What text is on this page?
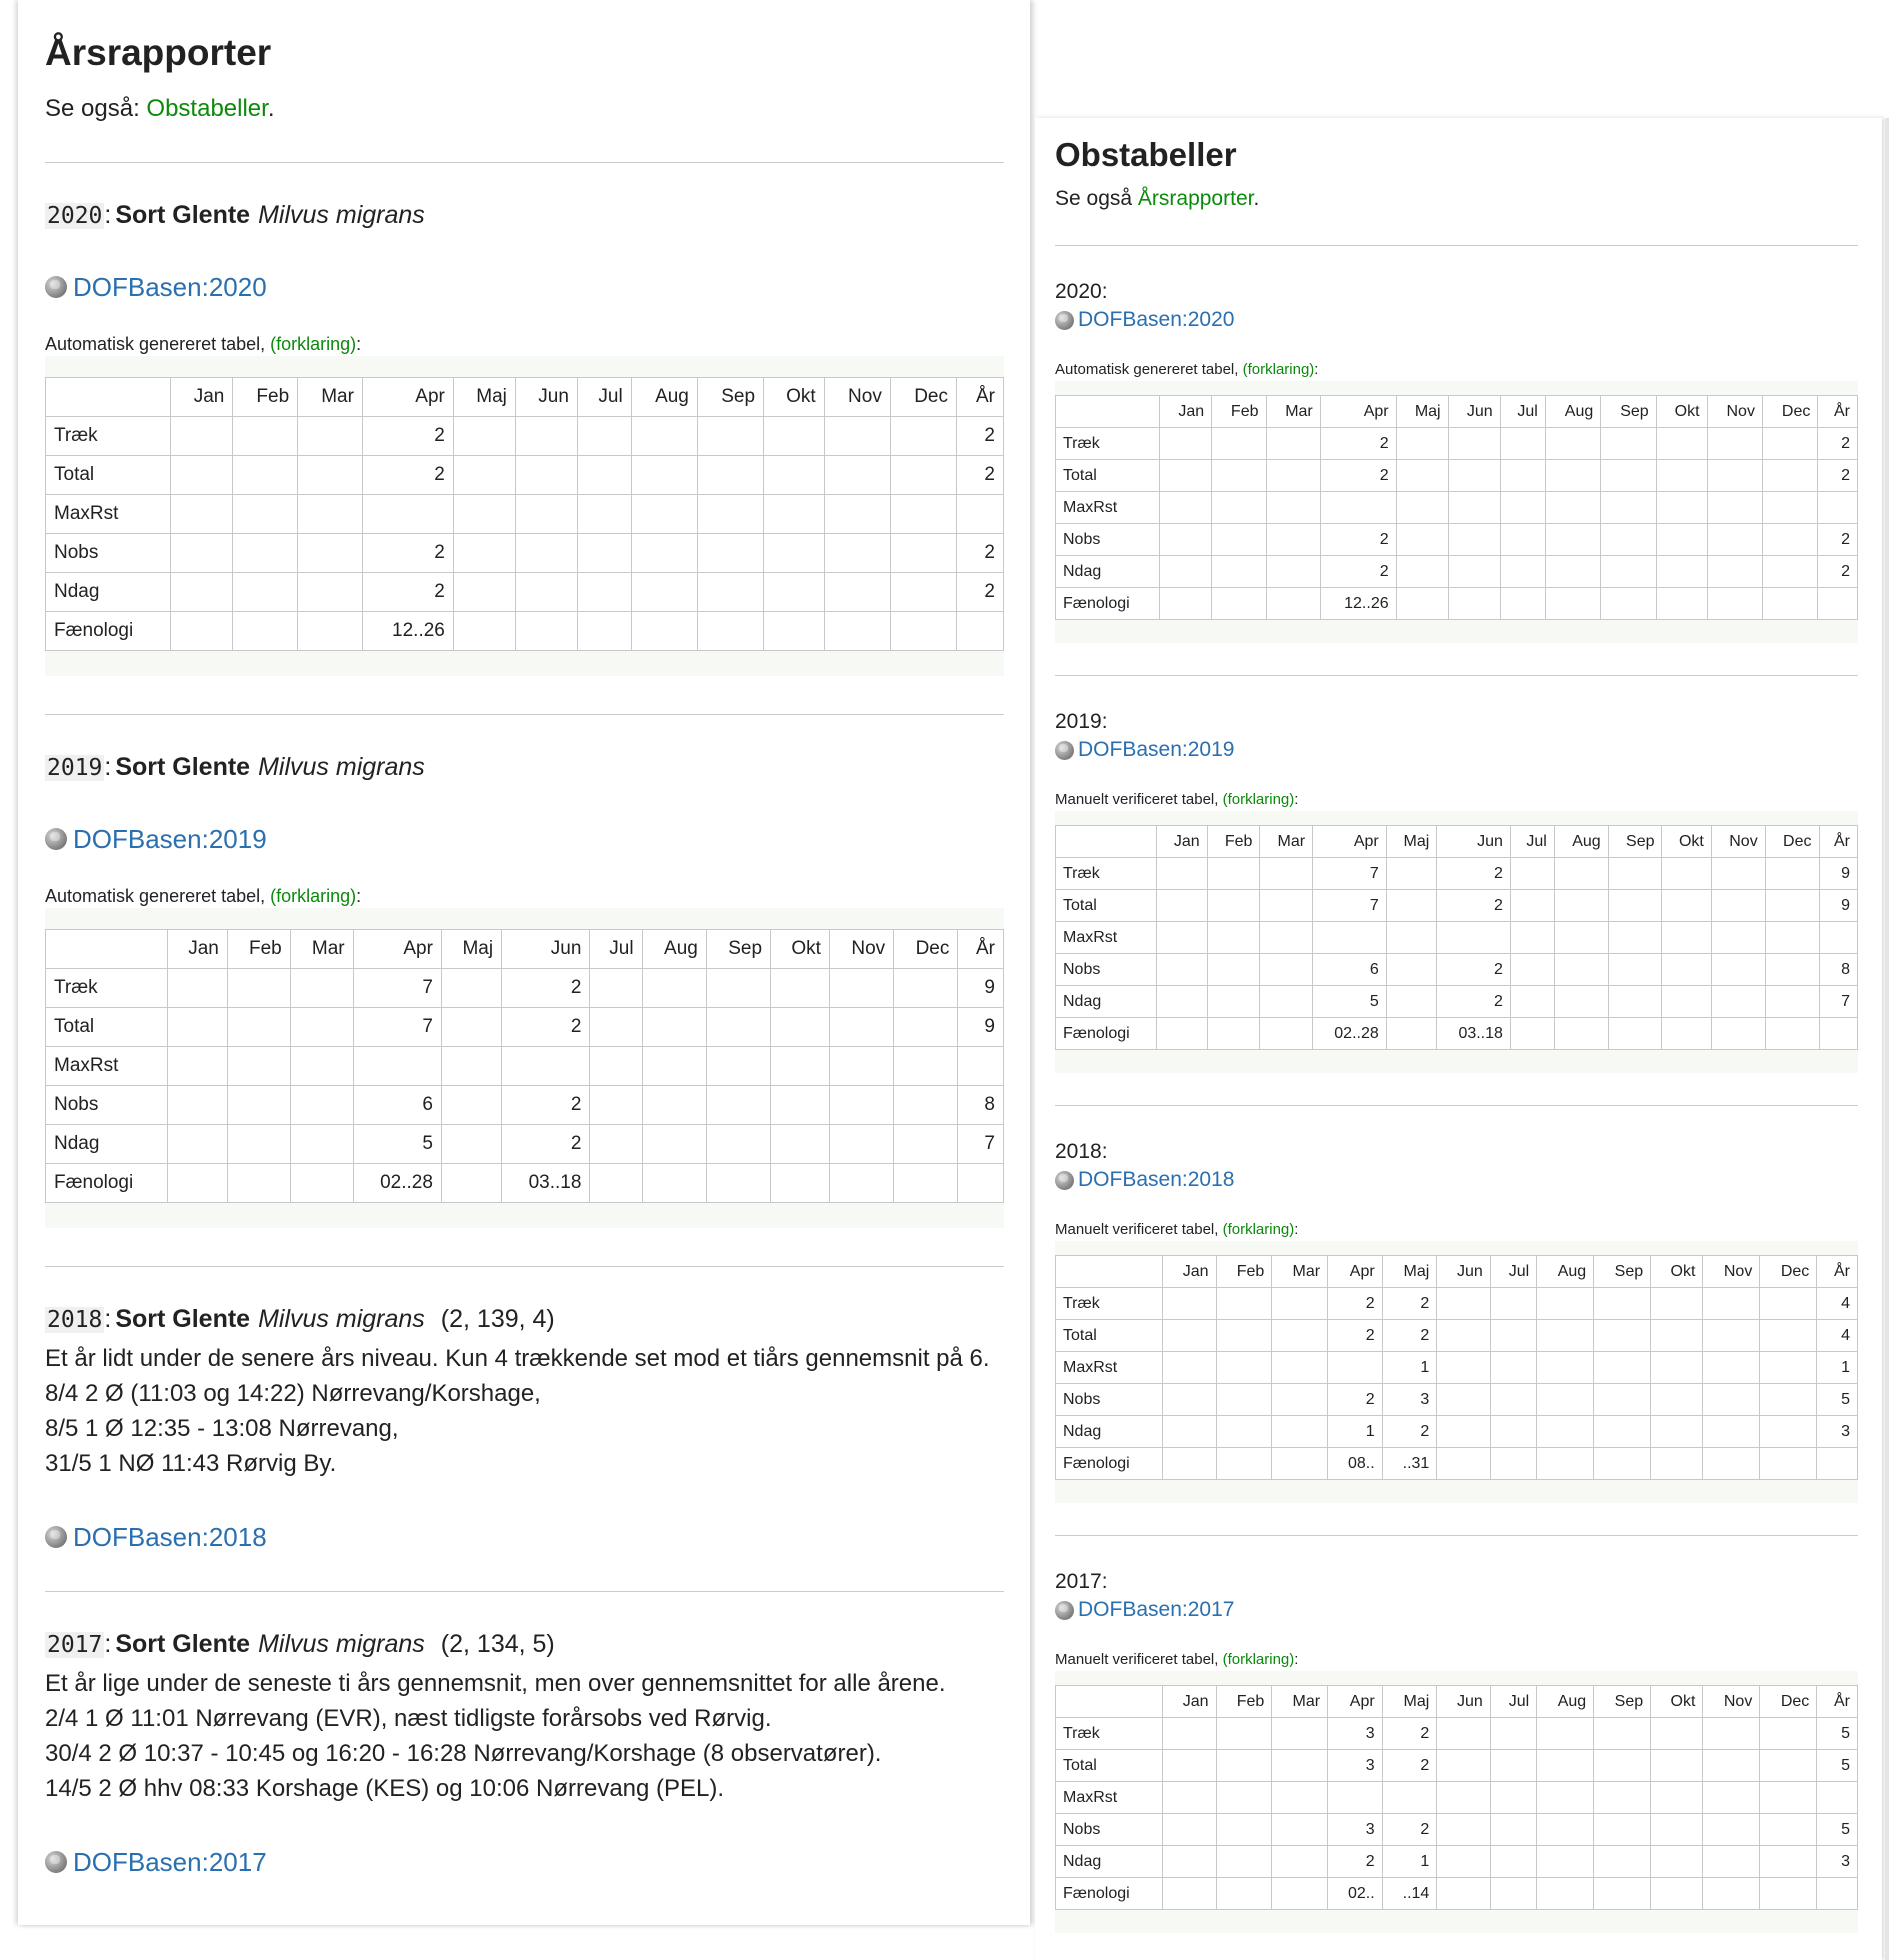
Årsrapporter
Se også: Obstabeller.
2020: Sort Glente Milvus migrans
DOFBasen:2020
Automatisk genereret tabel, (forklaring):
	Jan	Feb	Mar	Apr	Maj	Jun	Jul	Aug	Sep	Okt	Nov	Dec	År
Træk				2									2
Total				2									2
MaxRst													
Nobs				2									2
Ndag				2									2
Fænologi				12..26									
2019: Sort Glente Milvus migrans
DOFBasen:2019
Automatisk genereret tabel, (forklaring):
	Jan	Feb	Mar	Apr	Maj	Jun	Jul	Aug	Sep	Okt	Nov	Dec	År
Træk				7		2							9
Total				7		2							9
MaxRst													
Nobs				6		2							8
Ndag				5		2							7
Fænologi				02..28		03..18							
2018: Sort Glente Milvus migrans (2, 139, 4)
Et år lidt under de senere års niveau. Kun 4 trækkende set mod et tiårs gennemsnit på 6.
8/4 2 Ø (11:03 og 14:22) Nørrevang/Korshage,
8/5 1 Ø 12:35 - 13:08 Nørrevang,
31/5 1 NØ 11:43 Rørvig By.
DOFBasen:2018
2017: Sort Glente Milvus migrans (2, 134, 5)
Et år lige under de seneste ti års gennemsnit, men over gennemsnittet for alle årene.
2/4 1 Ø 11:01 Nørrevang (EVR), næst tidligste forårsobs ved Rørvig.
30/4 2 Ø 10:37 - 10:45 og 16:20 - 16:28 Nørrevang/Korshage (8 observatører).
14/5 2 Ø hhv 08:33 Korshage (KES) og 10:06 Nørrevang (PEL).
DOFBasen:2017
Obstabeller
Se også Årsrapporter.
2020:
DOFBasen:2020
Automatisk genereret tabel, (forklaring):
	Jan	Feb	Mar	Apr	Maj	Jun	Jul	Aug	Sep	Okt	Nov	Dec	År
Træk				2									2
Total				2									2
MaxRst													
Nobs				2									2
Ndag				2									2
Fænologi				12..26									
2019:
DOFBasen:2019
Manuelt verificeret tabel, (forklaring):
	Jan	Feb	Mar	Apr	Maj	Jun	Jul	Aug	Sep	Okt	Nov	Dec	År
Træk				7		2							9
Total				7		2							9
MaxRst													
Nobs				6		2							8
Ndag				5		2							7
Fænologi				02..28		03..18							
2018:
DOFBasen:2018
Manuelt verificeret tabel, (forklaring):
	Jan	Feb	Mar	Apr	Maj	Jun	Jul	Aug	Sep	Okt	Nov	Dec	År
Træk				2	2								4
Total				2	2								4
MaxRst					1								1
Nobs				2	3								5
Ndag				1	2								3
Fænologi				08..	..31								
2017:
DOFBasen:2017
Manuelt verificeret tabel, (forklaring):
	Jan	Feb	Mar	Apr	Maj	Jun	Jul	Aug	Sep	Okt	Nov	Dec	År
Træk				3	2								5
Total				3	2								5
MaxRst													
Nobs				3	2								5
Ndag				2	1								3
Fænologi				02..	..14								
